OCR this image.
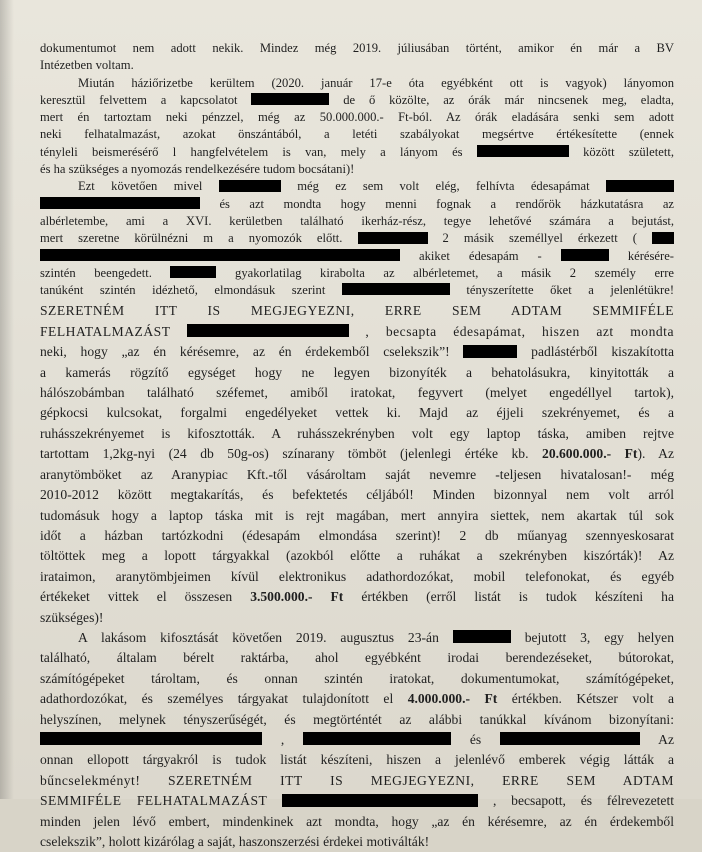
dokumentumot nem adott nekik. Mindez még 2019. júliusában történt, amikor én már a BV
Intézetben voltam.
Miután háziőrizetbe kerültem (2020. január 17-e óta egyébként ott is vagyok) lányomon
keresztül felvettem a kapcsolatot	de ő közölte, az órák már nincsenek meg, eladta,
mert én tartoztam neki pénzzel, még az 50.000.000.- Ft-ból. Az órák eladására senki sem adott
neki felhatalmazást, azokat önszántából, a letéti szabályokat megsértve értékesítette (ennek
tényleli beismerésérő l hangfelvételem is van, mely a lányom és	között született,
és ha szükséges a nyomozás rendelkezésére tudom bocsátani)!
Ezt követően mivel	még ez sem volt elég, felhívta édesapámat
és azt mondta hogy menni fognak a rendőrök házkutatásra az
albérletembe, ami a XVI. kerületben található ikerház-rész, tegye lehetővé számára a bejutást,
mert szeretne körülnézni m a nyomozók előtt.	2 másik személlyel érkezett (
akiket édesapám -	kérésére-
szintén beengedett.	gyakorlatilag kirabolta az albérletemet, a másik 2 személy erre
tanúként szintén idézhető, elmondásuk szerint	tényszerítette őket a jelenlétükre!
SZERETNÉM ITT IS MEGJEGYEZNI, ERRE SEM ADTAM SEMMIFÉLE
FELHATALMAZÁST	, becsapta édesapámat, hiszen azt mondta
neki, hogy „az én kérésemre, az én érdekemből cselekszik”!	padlástérből kiszakította
a kamerás rögzítő egységet hogy ne legyen bizonyíték a behatolásukra, kinyitották a
hálószobámban található széfemet, amiből iratokat, fegyvert (melyet engedéllyel tartok),
gépkocsi kulcsokat, forgalmi engedélyeket vettek ki. Majd az éjjeli szekrényemet, és a
ruhásszekrényemet is kifosztották. A ruhásszekrényben volt egy laptop táska, amiben rejtve
tartottam 1,2kg-nyi (24 db 50g-os) színarany tömböt (jelenlegi értéke kb. 20.600.000.- Ft). Az
aranytömböket az Aranypiac Kft.-től vásároltam saját nevemre -teljesen hivatalosan!- még
2010-2012 között megtakarítás, és befektetés céljából! Minden bizonnyal nem volt arról
tudomásuk hogy a laptop táska mit is rejt magában, mert annyira siettek, nem akartak túl sok
időt a házban tartózkodni (édesapám elmondása szerint)! 2 db műanyag szennyeskosarat
töltöttek meg a lopott tárgyakkal (azokból előtte a ruhákat a szekrényben kiszórták)! Az
irataimon, aranytömbjeimen kívül elektronikus adathordozókat, mobil telefonokat, és egyéb
értékeket vittek el összesen 3.500.000.- Ft értékben (erről listát is tudok készíteni ha
szükséges)!
A lakásom kifosztását követően 2019. augusztus 23-án	bejutott 3, egy helyen
található, általam bérelt raktárba, ahol egyébként irodai berendezéseket, bútorokat,
számítógépeket tároltam, és onnan szintén iratokat, dokumentumokat, számítógépeket,
adathordozókat, és személyes tárgyakat tulajdonított el 4.000.000.- Ft értékben. Kétszer volt a
helyszínen, melynek tényszerűségét, és megtörténtét az alábbi tanúkkal kívánom bizonyítani:
,	és	Az
onnan ellopott tárgyakról is tudok listát készíteni, hiszen a jelenlévő emberek végig látták a
bűncselekményt! SZERETNÉM ITT IS MEGJEGYEZNI, ERRE SEM ADTAM
SEMMIFÉLE FELHATALMAZÁST	, becsapott, és félrevezetett
minden jelen lévő embert, mindenkinek azt mondta, hogy „az én kérésemre, az én érdekemből
cselekszik”, holott kizárólag a saját, haszonszerzési érdekei motiválták!
